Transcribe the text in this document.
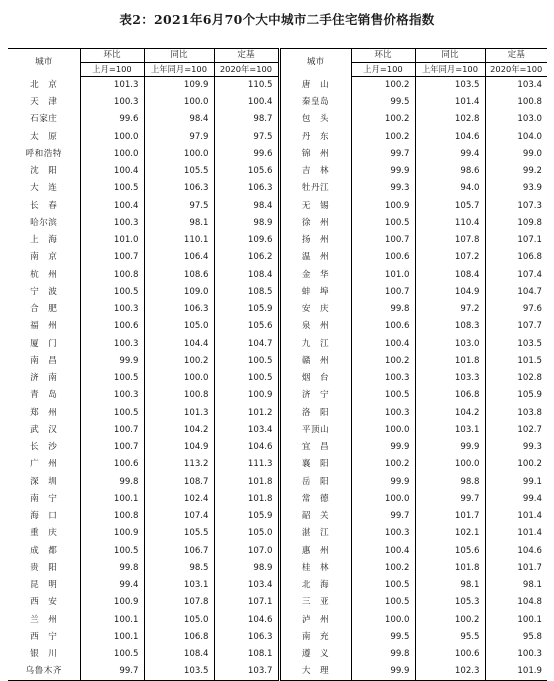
表2：2021年6月70个大中城市二手住宅销售价格指数
城市	环比	同比	定基	城市	环比	同比	定基
	上月=100	上年同月=100	2020年=100		上月=100	上年同月=100	2020年=100
北　京	101.3	109.9	110.5	唐　山	100.2	103.5	103.4
天　津	100.3	100.0	100.4	秦皇岛	99.5	101.4	100.8
石家庄	99.6	98.4	98.7	包　头	100.2	102.8	103.0
太　原	100.0	97.9	97.5	丹　东	100.2	104.6	104.0
呼和浩特	100.0	100.0	99.6	锦　州	99.7	99.4	99.0
沈　阳	100.4	105.5	105.6	吉　林	99.9	98.6	99.2
大　连	100.5	106.3	106.3	牡丹江	99.3	94.0	93.9
长　春	100.4	97.5	98.4	无　锡	100.9	105.7	107.3
哈尔滨	100.3	98.1	98.9	徐　州	100.5	110.4	109.8
上　海	101.0	110.1	109.6	扬　州	100.7	107.8	107.1
南　京	100.7	106.4	106.2	温　州	100.6	107.2	106.8
杭　州	100.8	108.6	108.4	金　华	101.0	108.4	107.4
宁　波	100.5	109.0	108.5	蚌　埠	100.7	104.9	104.7
合　肥	100.3	106.3	105.9	安　庆	99.8	97.2	97.6
福　州	100.6	105.0	105.6	泉　州	100.6	108.3	107.7
厦　门	100.3	104.4	104.7	九　江	100.4	103.0	103.5
南　昌	99.9	100.2	100.5	赣　州	100.2	101.8	101.5
济　南	100.5	100.0	100.5	烟　台	100.3	103.3	102.8
青　岛	100.3	100.8	100.9	济　宁	100.5	106.8	105.9
郑　州	100.5	101.3	101.2	洛　阳	100.3	104.2	103.8
武　汉	100.7	104.2	103.4	平顶山	100.0	103.1	102.7
长　沙	100.7	104.9	104.6	宜　昌	99.9	99.9	99.3
广　州	100.6	113.2	111.3	襄　阳	100.2	100.0	100.2
深　圳	99.8	108.7	101.8	岳　阳	99.9	98.8	99.1
南　宁	100.1	102.4	101.8	常　德	100.0	99.7	99.4
海　口	100.8	107.4	105.9	韶　关	99.7	101.7	101.4
重　庆	100.9	105.5	105.0	湛　江	100.3	102.1	101.4
成　都	100.5	106.7	107.0	惠　州	100.4	105.6	104.6
贵　阳	99.8	98.5	98.9	桂　林	100.2	101.8	101.7
昆　明	99.4	103.1	103.4	北　海	100.5	98.1	98.1
西　安	100.9	107.8	107.1	三　亚	100.5	105.3	104.8
兰　州	100.1	105.0	104.6	泸　州	100.0	100.2	100.1
西　宁	100.1	106.8	106.3	南　充	99.5	95.5	95.8
银　川	100.5	108.4	108.1	遵　义	99.8	100.6	100.3
乌鲁木齐	99.7	103.5	103.7	大　理	99.9	102.3	101.9
